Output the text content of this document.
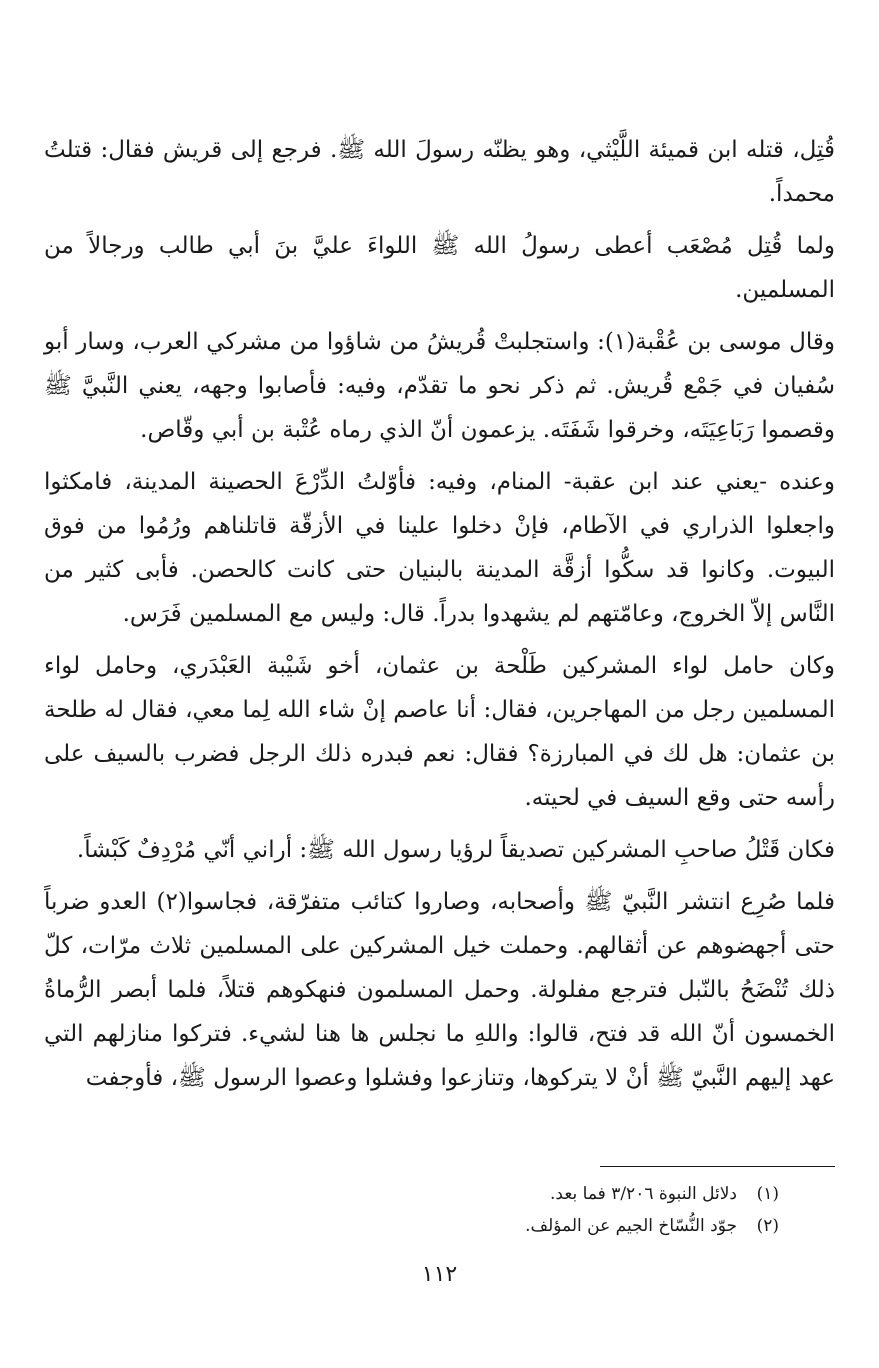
قُتِل، قتله ابن قميئة اللَّيْثي، وهو يظنّه رسولَ الله ﷺ. فرجع إلى قريش فقال: قتلتُ محمداً.

ولما قُتِل مُصْعَب أعطى رسولُ الله ﷺ اللواءَ عليَّ بنَ أبي طالب ورجالاً من المسلمين.

وقال موسى بن عُقْبة(١): واستجلبتْ قُريشُ من شاؤوا من مشركي العرب، وسار أبو سُفيان في جَمْع قُريش. ثم ذكر نحو ما تقدّم، وفيه: فأصابوا وجهه، يعني النَّبيَّ ﷺ وقصموا رَبَاعِيَتَه، وخرقوا شَفَتَه. يزعمون أنّ الذي رماه عُتْبة بن أبي وقّاص.

وعنده -يعني عند ابن عقبة- المنام، وفيه: فأوّلتُ الدِّرْعَ الحصينة المدينة، فامكثوا واجعلوا الذراري في الآطام، فإنْ دخلوا علينا في الأزقّة قاتلناهم ورُمُوا من فوق البيوت. وكانوا قد سكُّوا أزقَّة المدينة بالبنيان حتى كانت كالحصن. فأبى كثير من النَّاس إلاّ الخروج، وعامّتهم لم يشهدوا بدراً. قال: وليس مع المسلمين فَرَس.

وكان حامل لواء المشركين طَلْحة بن عثمان، أخو شَيْبة العَبْدَري، وحامل لواء المسلمين رجل من المهاجرين، فقال: أنا عاصم إنْ شاء الله لِما معي، فقال له طلحة بن عثمان: هل لك في المبارزة؟ فقال: نعم فبدره ذلك الرجل فضرب بالسيف على رأسه حتى وقع السيف في لحيته.

فكان قَتْلُ صاحبِ المشركين تصديقاً لرؤيا رسول الله ﷺ: أراني أنّي مُرْدِفٌ كَبْشاً.

فلما صُرِع انتشر النَّبيّ ﷺ وأصحابه، وصاروا كتائب متفرّقة، فجاسوا(٢) العدو ضرباً حتى أجهضوهم عن أثقالهم. وحملت خيل المشركين على المسلمين ثلاث مرّات، كلّ ذلك تُنْضَحُ بالنّبل فترجع مفلولة. وحمل المسلمون فنهكوهم قتلاً، فلما أبصر الرُّماةُ الخمسون أنّ الله قد فتح، قالوا: واللهِ ما نجلس ها هنا لشيء. فتركوا منازلهم التي عهد إليهم النَّبيّ ﷺ أنْ لا يتركوها، وتنازعوا وفشلوا وعصوا الرسول ﷺ، فأوجفت

(١)
دلائل النبوة ٣/٢٠٦ فما بعد.
(٢)
جوّد النُّسّاخ الجيم عن المؤلف.
١١٢
